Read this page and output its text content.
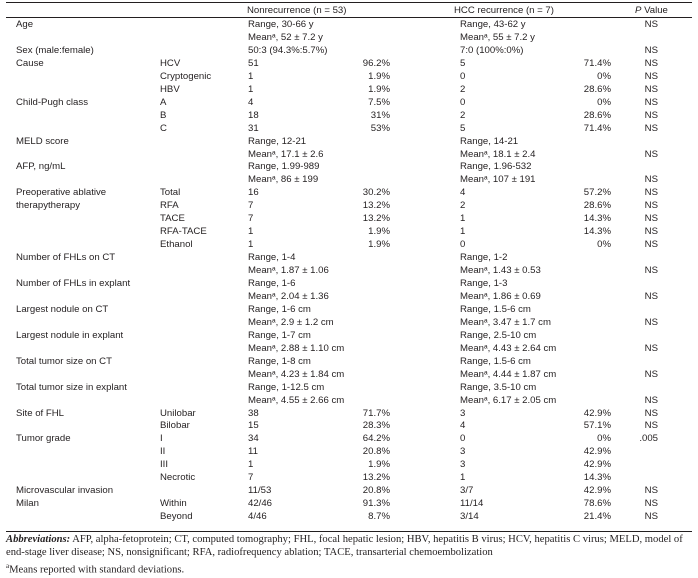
Nonrecurrence (n = 53)	HCC recurrence (n = 7)	P Value
Age	Range, 30-66 y	Range, 43-62 y	NS
Meanᵃ, 52 ± 7.2 y	Meanᵃ, 55 ± 7.2 y
Sex (male:female)	50:3 (94.3%:5.7%)	7:0 (100%:0%)	NS
Cause	HCV	51	96.2%	5	71.4%	NS
Cryptogenic	1	1.9%	0	0%	NS
HBV	1	1.9%	2	28.6%	NS
Child-Pugh class	A	4	7.5%	0	0%	NS
B	18	31%	2	28.6%	NS
C	31	53%	5	71.4%	NS
MELD score	Range, 12-21	Range, 14-21
Meanᵃ, 17.1 ± 2.6	Meanᵃ, 18.1 ± 2.4	NS
AFP, ng/mL	Range, 1.99-989	Range, 1.96-532
Meanᵃ, 86 ± 199	Meanᵃ, 107 ± 191	NS
Preoperative ablative	Total	16	30.2%	4	57.2%	NS
therapytherapy	RFA	7	13.2%	2	28.6%	NS
TACE	7	13.2%	1	14.3%	NS
RFA-TACE	1	1.9%	1	14.3%	NS
Ethanol	1	1.9%	0	0%	NS
Number of FHLs on CT	Range, 1-4	Range, 1-2
Meanᵃ, 1.87 ± 1.06	Meanᵃ, 1.43 ± 0.53	NS
Number of FHLs in explant	Range, 1-6	Range, 1-3
Meanᵃ, 2.04 ± 1.36	Meanᵃ, 1.86 ± 0.69	NS
Largest nodule on CT	Range, 1-6 cm	Range, 1.5-6 cm
Meanᵃ, 2.9 ± 1.2 cm	Meanᵃ, 3.47 ± 1.7 cm	NS
Largest nodule in explant	Range, 1-7 cm	Range, 2.5-10 cm
Meanᵃ, 2.88 ± 1.10 cm	Meanᵃ, 4.43 ± 2.64 cm	NS
Total tumor size on CT	Range, 1-8 cm	Range, 1.5-6 cm
Meanᵃ, 4.23 ± 1.84 cm	Meanᵃ, 4.44 ± 1.87 cm	NS
Total tumor size in explant	Range, 1-12.5 cm	Range, 3.5-10 cm
Meanᵃ, 4.55 ± 2.66 cm	Meanᵃ, 6.17 ± 2.05 cm	NS
Site of FHL	Unilobar	38	71.7%	3	42.9%	NS
Bilobar	15	28.3%	4	57.1%	NS
Tumor grade	I	34	64.2%	0	0%	.005
II	11	20.8%	3	42.9%
III	1	1.9%	3	42.9%
Necrotic	7	13.2%	1	14.3%
Microvascular invasion	11/53	20.8%	3/7	42.9%	NS
Milan	Within	42/46	91.3%	11/14	78.6%	NS
Beyond	4/46	8.7%	3/14	21.4%	NS
Abbreviations: AFP, alpha-fetoprotein; CT, computed tomography; FHL, focal hepatic lesion; HBV, hepatitis B virus; HCV, hepatitis C virus; MELD, model of end-stage liver disease; NS, nonsignificant; RFA, radiofrequency ablation; TACE, transarterial chemoembolization
$^a$Means reported with standard deviations.
